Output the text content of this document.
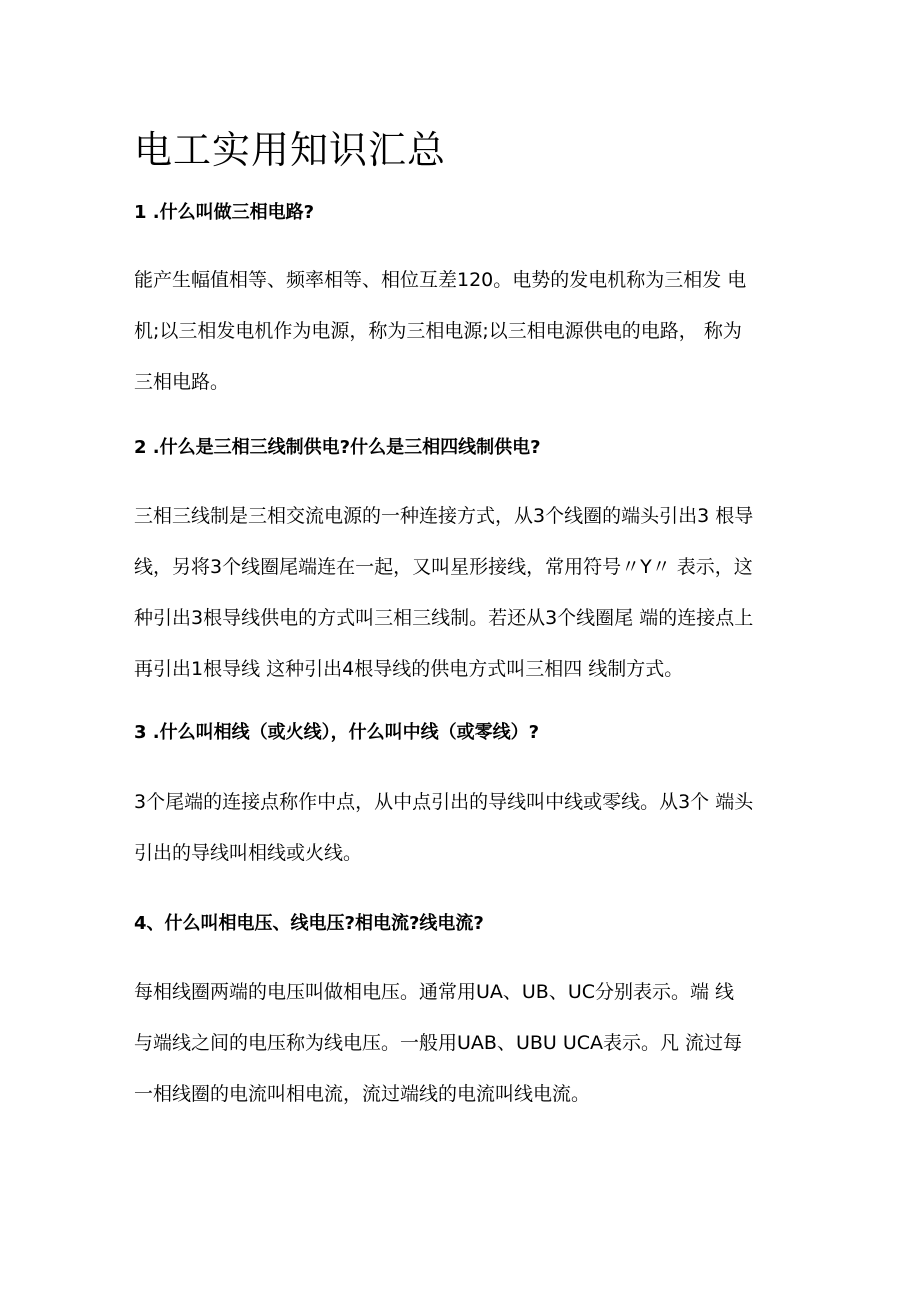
电工实用知识汇总
1 .什么叫做三相电路?
能产生幅值相等、频率相等、相位互差120。电势的发电机称为三相发 电
机;以三相发电机作为电源，称为三相电源;以三相电源供电的电路， 称为
三相电路。
2 .什么是三相三线制供电?什么是三相四线制供电?
三相三线制是三相交流电源的一种连接方式，从3个线圈的端头引出3 根导
线，另将3个线圈尾端连在一起，又叫星形接线，常用符号〃Y〃 表示，这
种引出3根导线供电的方式叫三相三线制。若还从3个线圈尾 端的连接点上
再引出1根导线 这种引出4根导线的供电方式叫三相四 线制方式。
3 .什么叫相线（或火线），什么叫中线（或零线）?
3个尾端的连接点称作中点，从中点引出的导线叫中线或零线。从3个 端头
引出的导线叫相线或火线。
4、什么叫相电压、线电压?相电流?线电流?
每相线圈两端的电压叫做相电压。通常用UA、UB、UC分别表示。端 线
与端线之间的电压称为线电压。一般用UAB、UBU UCA表示。凡 流过每
一相线圈的电流叫相电流，流过端线的电流叫线电流。
